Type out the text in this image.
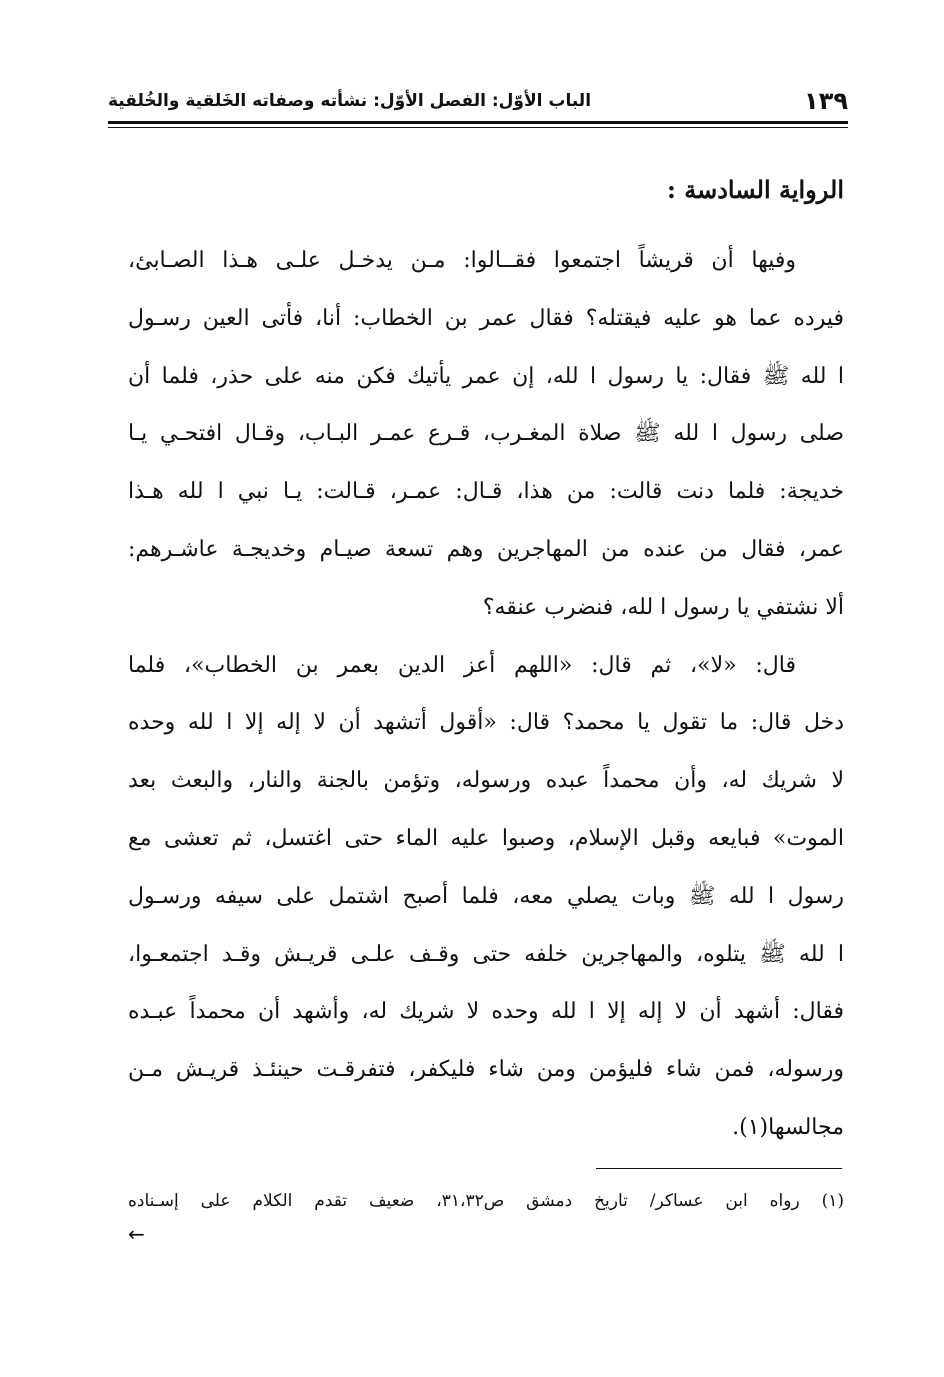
١٣٩
الباب الأوّل: الفصل الأوّل: نشأته وصفاته الخَلقية والخُلقية
الرواية السادسة :
وفيها أن قريشاً اجتمعوا فقــالوا: مـن يدخـل علـى هـذا الصـابئ،
فيرده عما هو عليه فيقتله؟ فقال عمر بن الخطاب: أنا، فأتى العين رسـول
ا لله ﷺ فقال: يا رسول ا لله، إن عمر يأتيك فكن منه على حذر، فلما أن
صلى رسول ا لله ﷺ صلاة المغـرب، قـرع عمـر البـاب، وقـال افتحـي يـا
خديجة: فلما دنت قالت: من هذا، قـال: عمـر، قـالت: يـا نبي ا لله هـذا
عمر، فقال من عنده من المهاجرين وهم تسعة صيـام وخديجـة عاشـرهم:
ألا نشتفي يا رسول ا لله، فنضرب عنقه؟
قال: «لا»، ثم قال: «اللهم أعز الدين بعمر بن الخطاب»، فلما
دخل قال: ما تقول يا محمد؟ قال: «أقول أتشهد أن لا إله إلا ا لله وحده
لا شريك له، وأن محمداً عبده ورسوله، وتؤمن بالجنة والنار، والبعث بعد
الموت» فبايعه وقبل الإسلام، وصبوا عليه الماء حتى اغتسل، ثم تعشى مع
رسول ا لله ﷺ وبات يصلي معه، فلما أصبح اشتمل على سيفه ورسـول
ا لله ﷺ يتلوه، والمهاجرين خلفه حتى وقـف علـى قريـش وقـد اجتمعـوا،
فقال: أشهد أن لا إله إلا ا لله وحده لا شريك له، وأشهد أن محمداً عبـده
ورسوله، فمن شاء فليؤمن ومن شاء فليكفر، فتفرقـت حينئـذ قريـش مـن
مجالسها(١).
(١) رواه ابن عساكر/ تاريخ دمشق ص٣١،٣٢، ضعيف تقدم الكلام على إسـناده
←
